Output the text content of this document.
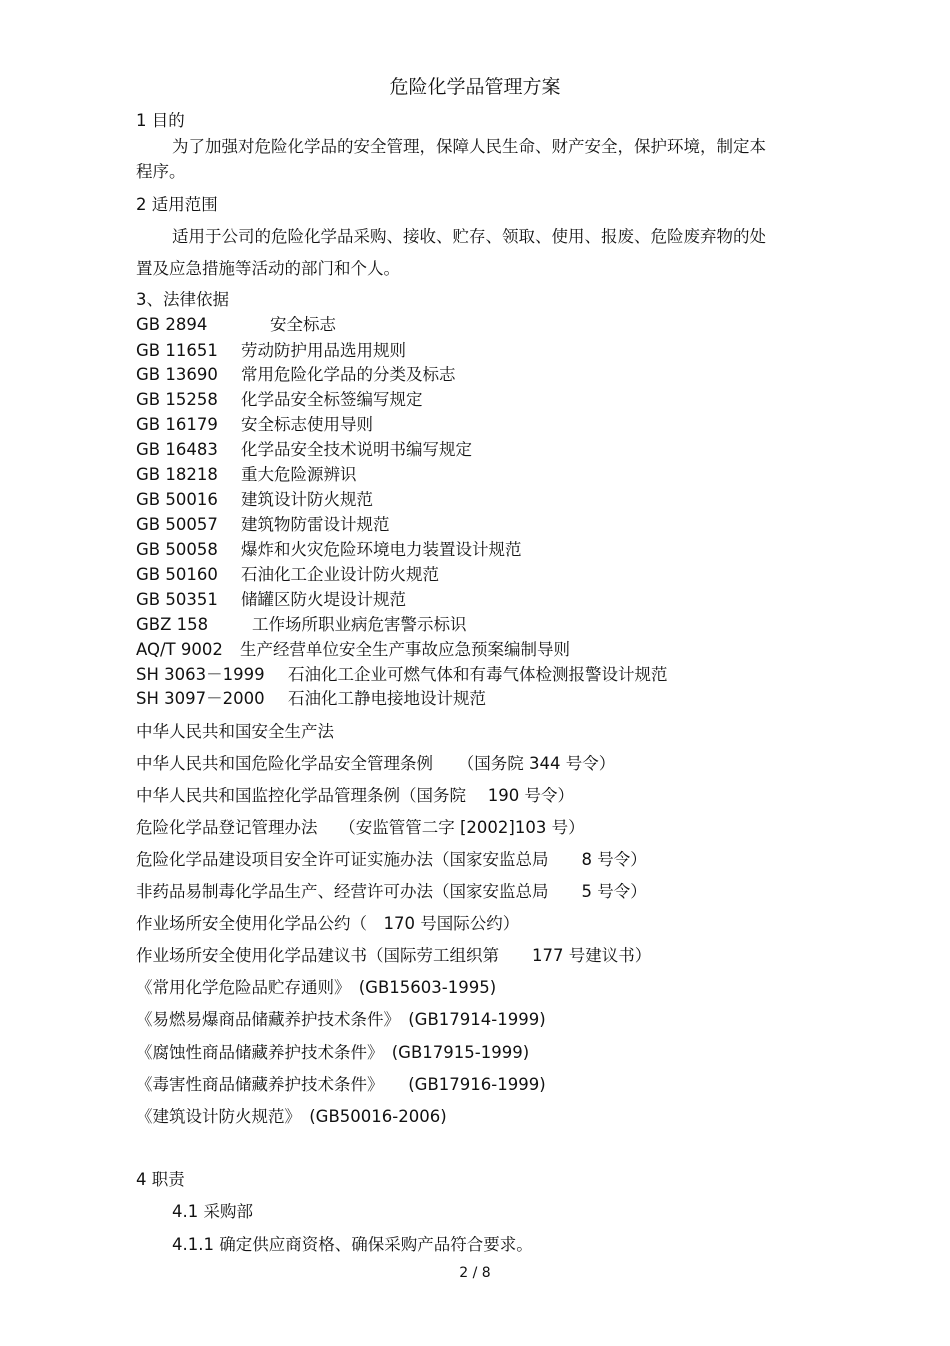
危险化学品管理方案
1 目的
为了加强对危险化学品的安全管理，保障人民生命、财产安全，保护环境，制定本
程序。
2 适用范围
适用于公司的危险化学品采购、接收、贮存、领取、使用、报废、危险废弃物的处
置及应急措施等活动的部门和个人。
3、法律依据
GB 2894	安全标志
GB 11651 劳动防护用品选用规则
GB 13690 常用危险化学品的分类及标志
GB 15258 化学品安全标签编写规定
GB 16179 安全标志使用导则
GB 16483 化学品安全技术说明书编写规定
GB 18218 重大危险源辨识
GB 50016 建筑设计防火规范
GB 50057 建筑物防雷设计规范
GB 50058 爆炸和火灾危险环境电力装置设计规范
GB 50160 石油化工企业设计防火规范
GB 50351 储罐区防火堤设计规范
GBZ 158	工作场所职业病危害警示标识
AQ/T 9002 生产经营单位安全生产事故应急预案编制导则
SH 3063－1999 石油化工企业可燃气体和有毒气体检测报警设计规范
SH 3097－2000 石油化工静电接地设计规范
中华人民共和国安全生产法
中华人民共和国危险化学品安全管理条例　　（国务院 344 号令）
中华人民共和国监控化学品管理条例（国务院　 190 号令）
危险化学品登记管理办法　 （安监管管二字 [2002]103 号）
危险化学品建设项目安全许可证实施办法（国家安监总局　　8 号令）
非药品易制毒化学品生产、经营许可办法（国家安监总局　　5 号令）
作业场所安全使用化学品公约（　170 号国际公约）
作业场所安全使用化学品建议书（国际劳工组织第　　177 号建议书）
《常用化学危险品贮存通则》　(GB15603-1995)
《易燃易爆商品储藏养护技术条件》　(GB17914-1999)
《腐蚀性商品储藏养护技术条件》　(GB17915-1999)
《毒害性商品储藏养护技术条件》　　(GB17916-1999)
《建筑设计防火规范》　(GB50016-2006)
4 职责
4.1 采购部
4.1.1 确定供应商资格、确保采购产品符合要求。
2 / 8
